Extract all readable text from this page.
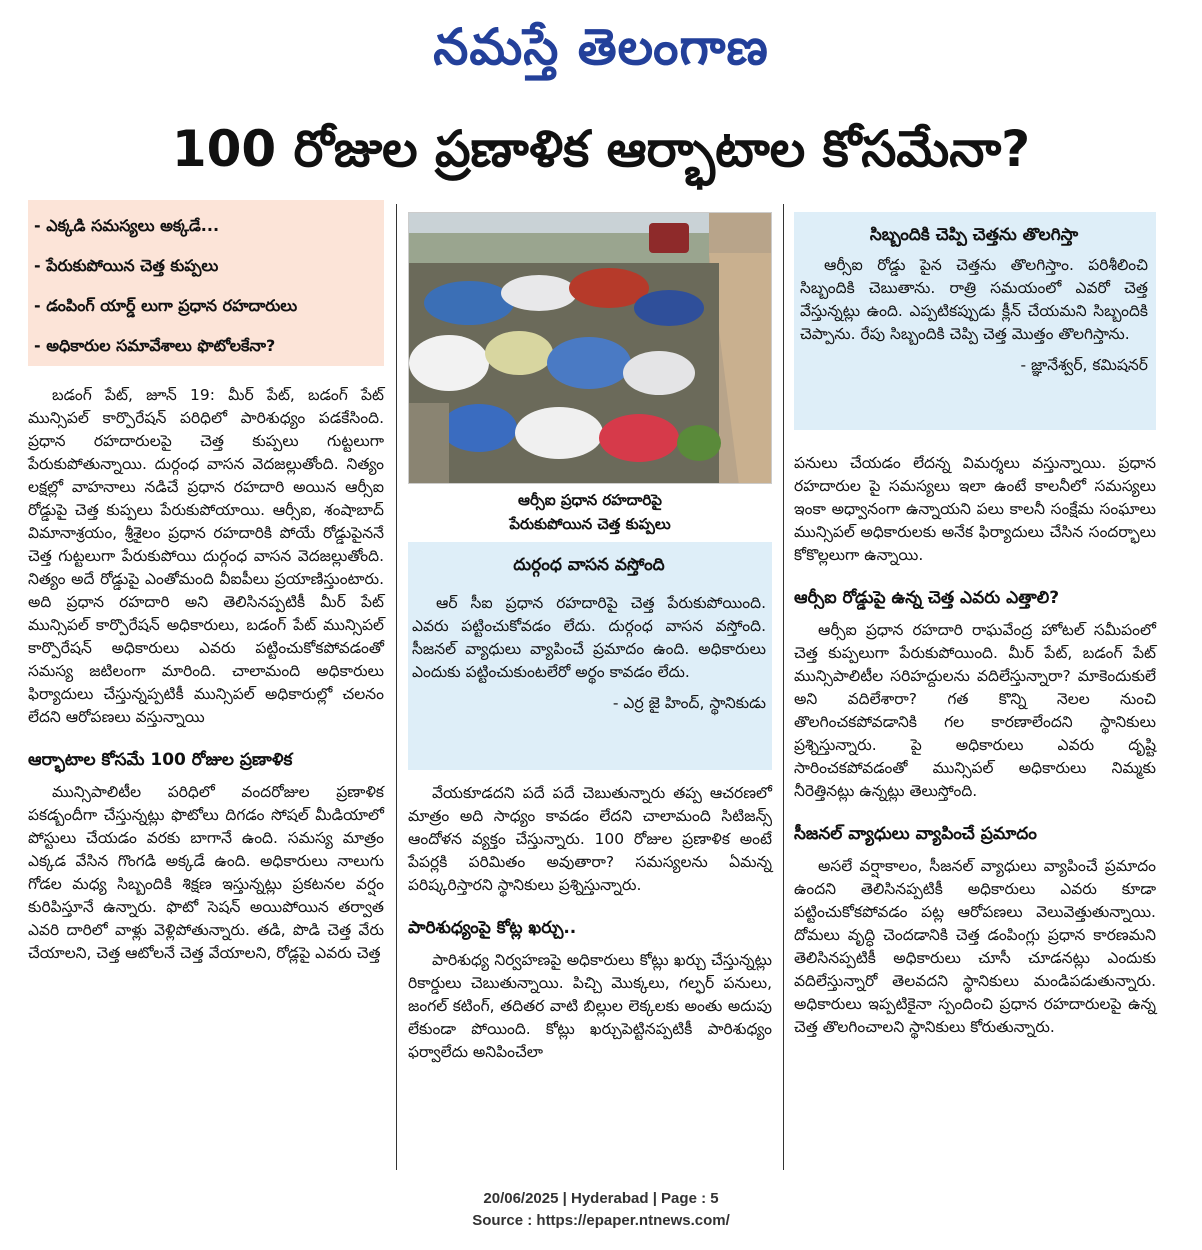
నమస్తే తెలంగాణ
100 రోజుల ప్రణాళిక ఆర్భాటాల కోసమేనా?
- ఎక్కడి సమస్యలు అక్కడే...
- పేరుకుపోయిన చెత్త కుప్పలు
- డంపింగ్ యార్డ్ లుగా ప్రధాన రహదారులు
- అధికారుల సమావేశాలు ఫొటోలకేనా?

బడంగ్ పేట్, జూన్ 19: మీర్ పేట్, బడంగ్ పేట్ మున్సిపల్ కార్పొరేషన్ పరిధిలో పారిశుధ్యం పడకేసింది. ప్రధాన రహదారులపై చెత్త కుప్పలు గుట్టలుగా పేరుకుపోతున్నాయి. దుర్గంధ వాసన వెదజల్లుతోంది. నిత్యం లక్షల్లో వాహనాలు నడిచే ప్రధాన రహదారి అయిన ఆర్సీఐ రోడ్డుపై చెత్త కుప్పలు పేరుకుపోయాయి. ఆర్సీఐ, శంషాబాద్ విమానాశ్రయం, శ్రీశైలం ప్రధాన రహదారికి పోయే రోడ్డుపైననే చెత్త గుట్టలుగా పేరుకుపోయి దుర్గంధ వాసన వెదజల్లుతోంది. నిత్యం అదే రోడ్డుపై ఎంతోమంది వీఐపీలు ప్రయాణిస్తుంటారు. అది ప్రధాన రహదారి అని తెలిసినప్పటికీ మీర్ పేట్ మున్సిపల్ కార్పొరేషన్ అధికారులు, బడంగ్ పేట్ మున్సిపల్ కార్పొరేషన్ అధికారులు ఎవరు పట్టించుకోకపోవడంతో సమస్య జటిలంగా మారింది. చాలామంది అధికారులు ఫిర్యాదులు చేస్తున్నప్పటికీ మున్సిపల్ అధికారుల్లో చలనం లేదని ఆరోపణలు వస్తున్నాయి

ఆర్భాటాల కోసమే 100 రోజుల ప్రణాళిక

మున్సిపాలిటీల పరిధిలో వందరోజుల ప్రణాళిక పకడ్బందీగా చేస్తున్నట్లు ఫొటోలు దిగడం సోషల్ మీడియాలో పోస్టులు చేయడం వరకు బాగానే ఉంది. సమస్య మాత్రం ఎక్కడ వేసిన గొంగడి అక్కడే ఉంది. అధికారులు నాలుగు గోడల మధ్య సిబ్బందికి శిక్షణ ఇస్తున్నట్లు ప్రకటనల వర్షం కురిపిస్తూనే ఉన్నారు. ఫొటో సెషన్ అయిపోయిన తర్వాత ఎవరి దారిలో వాళ్లు వెళ్లిపోతున్నారు. తడి, పొడి చెత్త వేరు చేయాలని, చెత్త ఆటోలనే చెత్త వేయాలని, రోడ్లపై ఎవరు చెత్త

ఆర్సీఐ ప్రధాన రహదారిపై
పేరుకుపోయిన చెత్త కుప్పలు
దుర్గంధ వాసన వస్తోంది

ఆర్ సీఐ ప్రధాన రహదారిపై చెత్త పేరుకుపోయింది. ఎవరు పట్టించుకోవడం లేదు. దుర్గంధ వాసన వస్తోంది. సీజనల్ వ్యాధులు వ్యాపించే ప్రమాదం ఉంది. అధికారులు ఎందుకు పట్టించుకుంటలేరో అర్థం కావడం లేదు.

- ఎర్ర జై హింద్, స్థానికుడు

వేయకూడదని పదే పదే చెబుతున్నారు తప్ప ఆచరణలో మాత్రం అది సాధ్యం కావడం లేదని చాలామంది సిటిజన్స్ ఆందోళన వ్యక్తం చేస్తున్నారు. 100 రోజుల ప్రణాళిక అంటే పేపర్లకి పరిమితం అవుతారా? సమస్యలను ఏమన్న పరిష్కరిస్తారని స్థానికులు ప్రశ్నిస్తున్నారు.

పారిశుధ్యంపై కోట్ల ఖర్చు..

పారిశుధ్య నిర్వహణపై అధికారులు కోట్లు ఖర్చు చేస్తున్నట్లు రికార్డులు చెబుతున్నాయి. పిచ్చి మొక్కలు, గల్ఫర్ పనులు, జంగల్ కటింగ్, తదితర వాటి బిల్లుల లెక్కలకు అంతు అదుపు లేకుండా పోయింది. కోట్లు ఖర్చుపెట్టినప్పటికీ పారిశుధ్యం ఫర్వాలేదు అనిపించేలా

సిబ్బందికి చెప్పి చెత్తను తొలగిస్తా

ఆర్సీఐ రోడ్డు పైన చెత్తను తొలగిస్తాం. పరిశీలించి సిబ్బందికి చెబుతాను. రాత్రి సమయంలో ఎవరో చెత్త వేస్తున్నట్లు ఉంది. ఎప్పటికప్పుడు క్లీన్ చేయమని సిబ్బందికి చెప్పాను. రేపు సిబ్బందికి చెప్పి చెత్త మొత్తం తొలగిస్తాను.

- జ్ఞానేశ్వర్, కమిషనర్

పనులు చేయడం లేదన్న విమర్శలు వస్తున్నాయి. ప్రధాన రహదారుల పై సమస్యలు ఇలా ఉంటే కాలనీలో సమస్యలు ఇంకా అధ్వానంగా ఉన్నాయని పలు కాలనీ సంక్షేమ సంఘాలు మున్సిపల్ అధికారులకు అనేక ఫిర్యాదులు చేసిన సందర్భాలు కోకొల్లలుగా ఉన్నాయి.

ఆర్సీఐ రోడ్డుపై ఉన్న చెత్త ఎవరు ఎత్తాలి?

ఆర్సీఐ ప్రధాన రహదారి రాఘవేంద్ర హోటల్ సమీపంలో చెత్త కుప్పలుగా పేరుకుపోయింది. మీర్ పేట్, బడంగ్ పేట్ మున్సిపాలిటీల సరిహద్దులను వదిలేస్తున్నారా? మాకెందుకులే అని వదిలేశారా? గత కొన్ని నెలల నుంచి తొలగించకపోవడానికి గల కారణాలేందని స్థానికులు ప్రశ్నిస్తున్నారు. పై అధికారులు ఎవరు దృష్టి సారించకపోవడంతో మున్సిపల్ అధికారులు నిమ్మకు నీరెత్తినట్లు ఉన్నట్లు తెలుస్తోంది.

సీజనల్ వ్యాధులు వ్యాపించే ప్రమాదం

అసలే వర్షాకాలం, సీజనల్ వ్యాధులు వ్యాపించే ప్రమాదం ఉందని తెలిసినప్పటికీ అధికారులు ఎవరు కూడా పట్టించుకోకపోవడం పట్ల ఆరోపణలు వెలువెత్తుతున్నాయి. దోమలు వృద్ధి చెందడానికి చెత్త డంపింగ్లు ప్రధాన కారణమని తెలిసినప్పటికీ అధికారులు చూసీ చూడనట్లు ఎందుకు వదిలేస్తున్నారో తెలవదని స్థానికులు మండిపడుతున్నారు. అధికారులు ఇప్పటికైనా స్పందించి ప్రధాన రహదారులపై ఉన్న చెత్త తొలగించాలని స్థానికులు కోరుతున్నారు.

20/06/2025 | Hyderabad | Page : 5
Source : https://epaper.ntnews.com/
